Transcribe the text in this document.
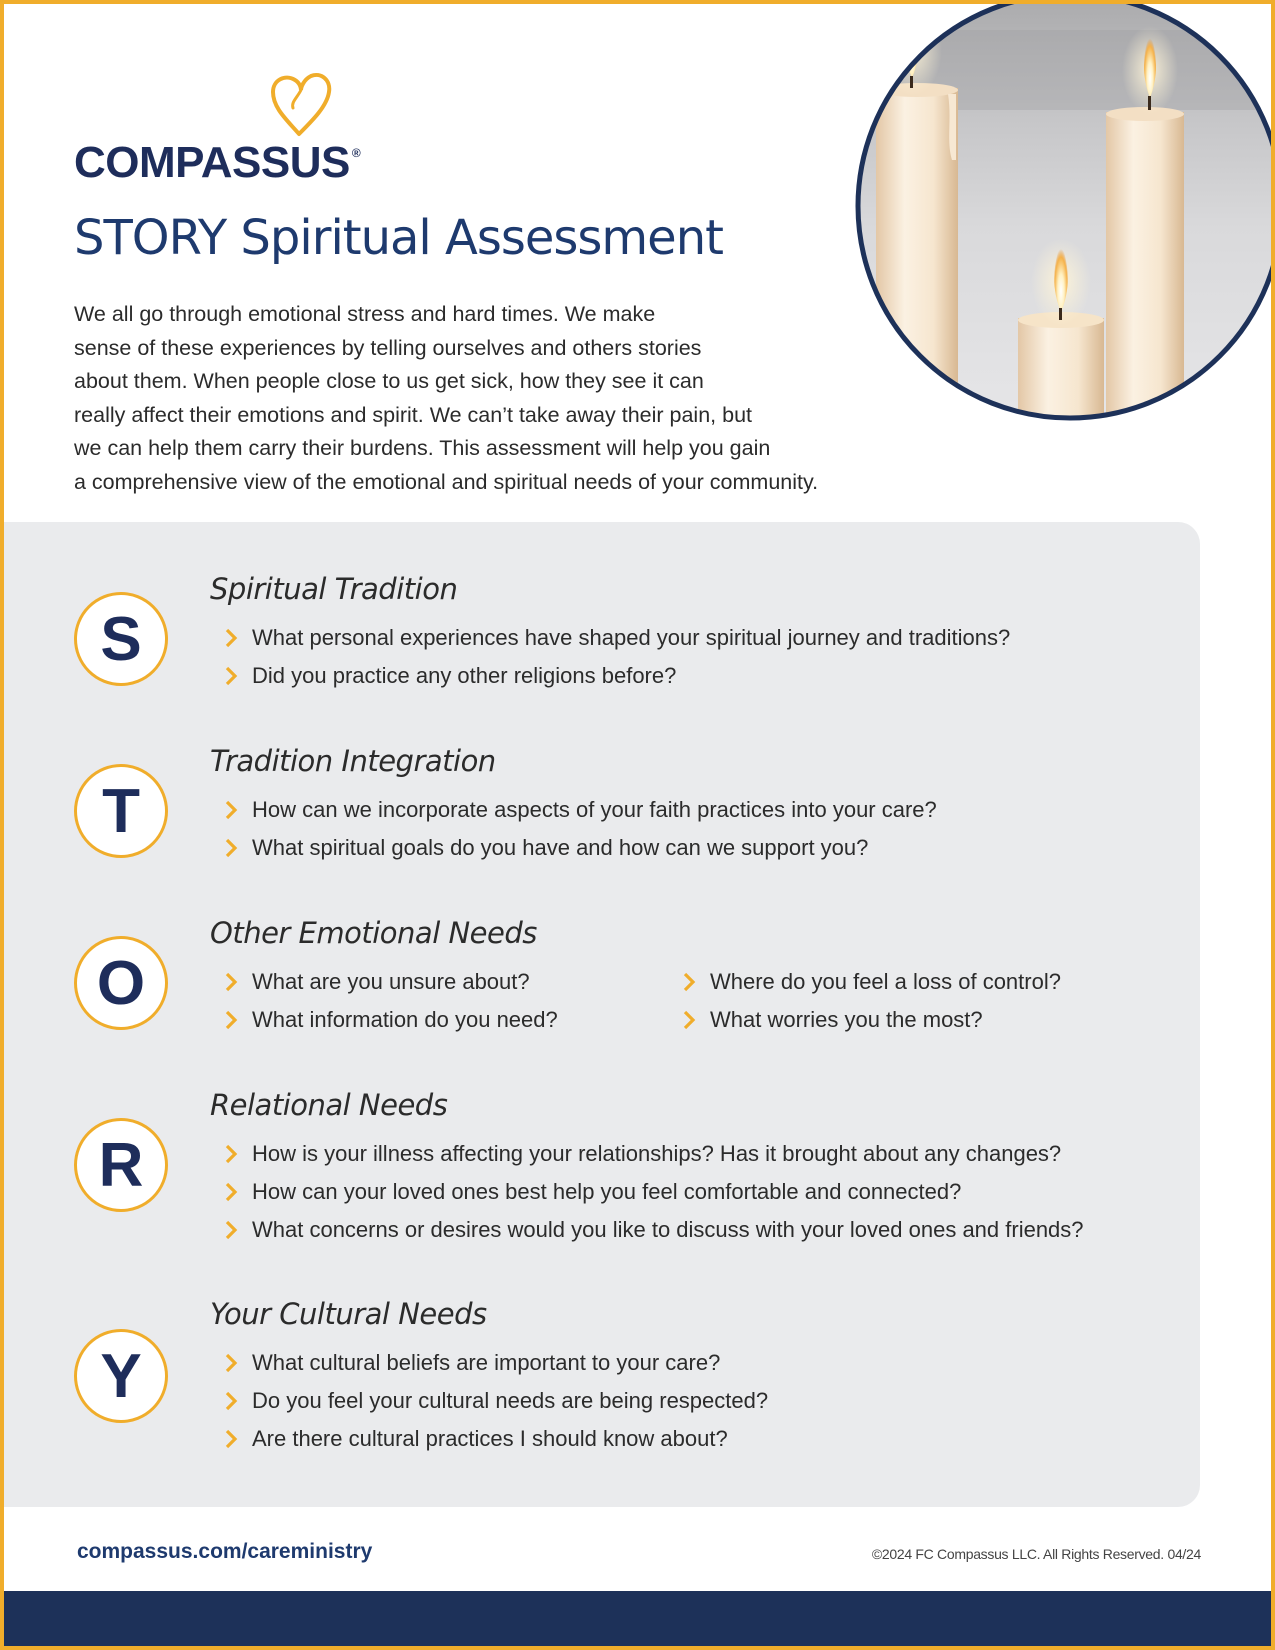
COMPASSUS ®
STORY Spiritual Assessment

We all go through emotional stress and hard times. We make
sense of these experiences by telling ourselves and others stories
about them. When people close to us get sick, how they see it can
really affect their emotions and spirit. We can’t take away their pain, but
we can help them carry their burdens. This assessment will help you gain
a comprehensive view of the emotional and spiritual needs of your community.

S
Spiritual Tradition
What personal experiences have shaped your spiritual journey and traditions?
Did you practice any other religions before?
T
Tradition Integration
How can we incorporate aspects of your faith practices into your care?
What spiritual goals do you have and how can we support you?
O
Other Emotional Needs
What are you unsure about?
What information do you need?
Where do you feel a loss of control?
What worries you the most?
R
Relational Needs
How is your illness affecting your relationships? Has it brought about any changes?
How can your loved ones best help you feel comfortable and connected?
What concerns or desires would you like to discuss with your loved ones and friends?
Y
Your Cultural Needs
What cultural beliefs are important to your care?
Do you feel your cultural needs are being respected?
Are there cultural practices I should know about?
compassus.com/careministry	©2024 FC Compassus LLC. All Rights Reserved. 04/24
